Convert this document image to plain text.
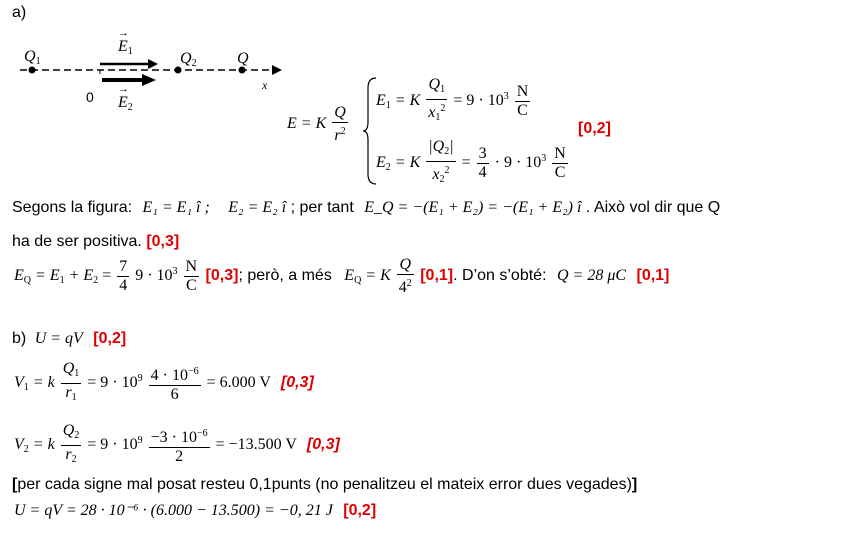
a)
$Q_1$
→ $E_1$	$Q_2$	Q
x
0
→ $E_2$
E = K $\frac{Q}{r^2}$
$E_1 = K \frac{Q_1}{x_1^2} = 9 \cdot 10^3 \frac{N}{C}$
[0,2]
$E_2 = K \frac{|Q_2|}{x_2^2} = \frac{3}{4} \cdot 9 \cdot 10^3 \frac{N}{C}$
Segons la figura: E₁ = E₁ î ; E₂ = E₂ î ; per tant E_Q = −(E₁ + E₂) = −(E₁ + E₂) î . Això vol dir que Q
ha de ser positiva. [0,3]
$E_Q = E_1 + E_2 = \frac{7}{4} 9 \cdot 10^3 \frac{N}{C} [0,3]$; però, a més $E_Q = K \frac{Q}{4^2} [0,1]$. D’on s’obté: Q = 28 μC [0,1]
b) U = qV [0,2]
$V_1 = k \frac{Q_1}{r_1} = 9 \cdot 10^9 \frac{4 \cdot 10^{-6}}{6} = 6.000$ V [0,3]
$V_2 = k \frac{Q_2}{r_2} = 9 \cdot 10^9 \frac{-3 \cdot 10^{-6}}{2} = -13.500$ V [0,3]
[per cada signe mal posat resteu 0,1punts (no penalitzeu el mateix error dues vegades)]
U = qV = 28 · 10⁻⁶ · (6.000 − 13.500) = −0, 21 J [0,2]
